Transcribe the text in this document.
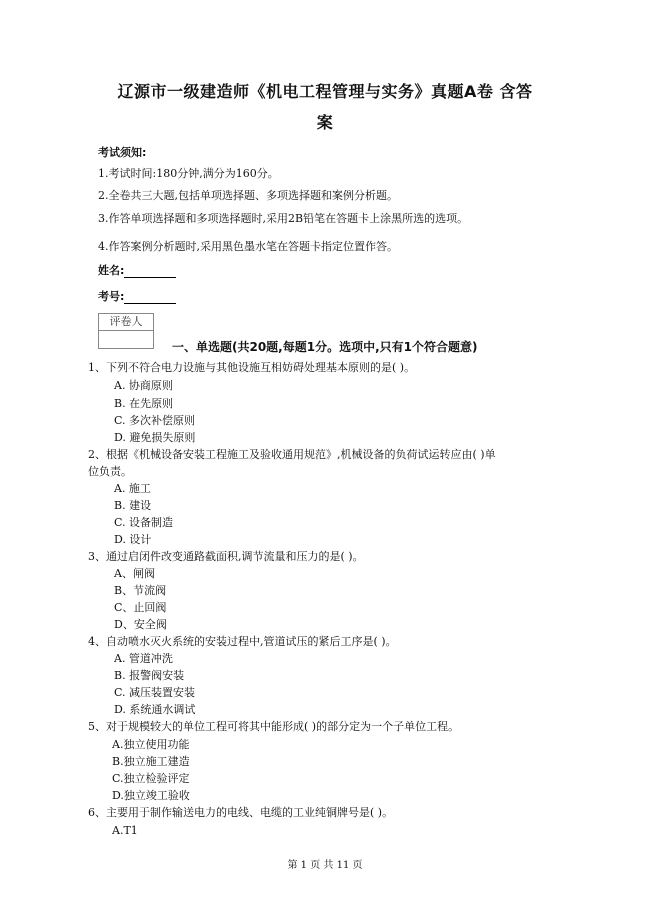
辽源市一级建造师《机电工程管理与实务》真题A卷 含答
案
考试须知:
1.考试时间:180分钟,满分为160分。
2.全卷共三大题,包括单项选择题、多项选择题和案例分析题。
3.作答单项选择题和多项选择题时,采用2B铅笔在答题卡上涂黑所选的选项。
4.作答案例分析题时,采用黑色墨水笔在答题卡指定位置作答。
姓名:
考号:
评卷人
一、单选题(共20题,每题1分。选项中,只有1个符合题意)
1、下列不符合电力设施与其他设施互相妨碍处理基本原则的是( )。
A. 协商原则
B. 在先原则
C. 多次补偿原则
D. 避免损失原则
2、根据《机械设备安装工程施工及验收通用规范》,机械设备的负荷试运转应由( )单
位负责。
A. 施工
B. 建设
C. 设备制造
D. 设计
3、通过启闭件改变通路截面积,调节流量和压力的是( )。
A、闸阀
B、节流阀
C、止回阀
D、安全阀
4、自动喷水灭火系统的安装过程中,管道试压的紧后工序是( )。
A. 管道冲洗
B. 报警阀安装
C. 减压装置安装
D. 系统通水调试
5、对于规模较大的单位工程可将其中能形成( )的部分定为一个子单位工程。
A.独立使用功能
B.独立施工建造
C.独立检验评定
D.独立竣工验收
6、主要用于制作输送电力的电线、电缆的工业纯铜牌号是( )。
A.T1
第 1 页 共 11 页
